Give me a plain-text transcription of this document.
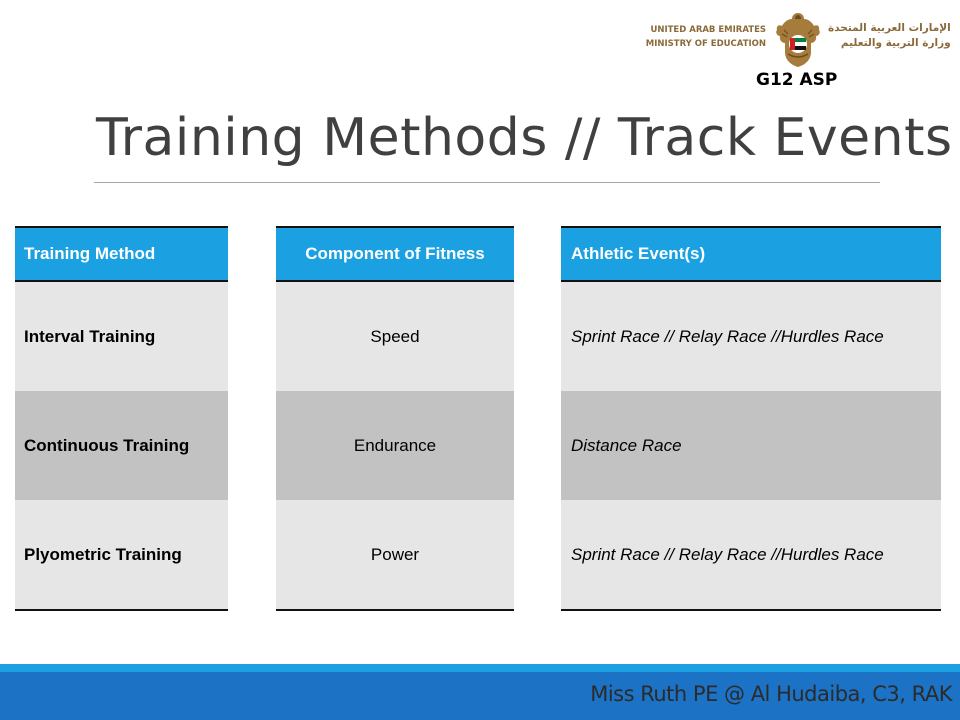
UNITED ARAB EMIRATES
MINISTRY OF EDUCATION
الإمارات العربية المتحدة
وزارة التربية والتعليم
G12 ASP
Training Methods // Track Events
Training Method
Interval Training
Continuous Training
Plyometric Training
Component of Fitness
Speed
Endurance
Power
Athletic Event(s)
Sprint Race // Relay Race //Hurdles Race
Distance Race
Sprint Race // Relay Race //Hurdles Race
Miss Ruth PE @ Al Hudaiba, C3, RAK
